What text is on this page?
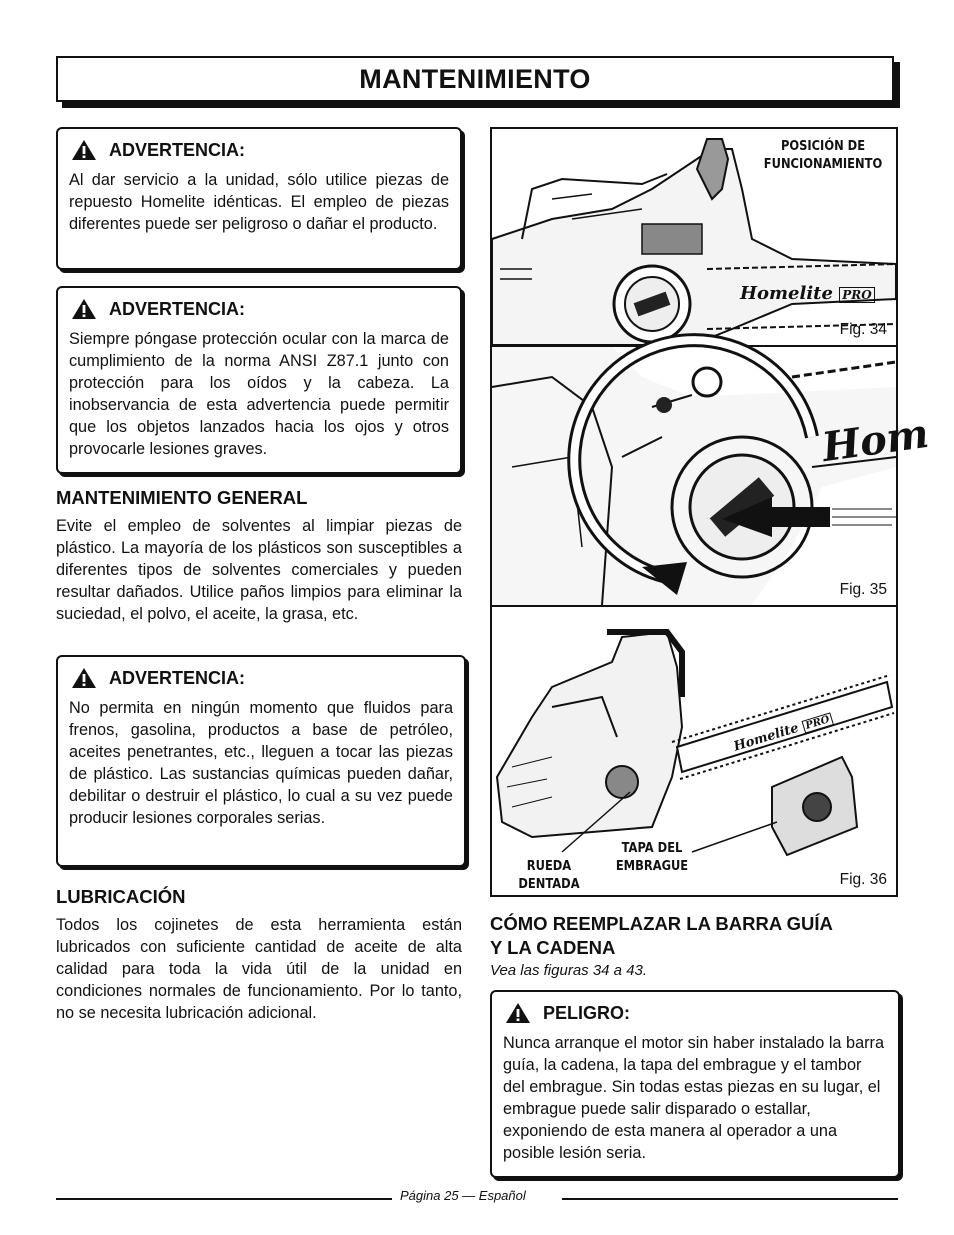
MANTENIMIENTO
ADVERTENCIA:

Al dar servicio a la unidad, sólo utilice piezas de repuesto Homelite idénticas. El empleo de piezas diferentes puede ser peligroso o dañar el producto.

ADVERTENCIA:

Siempre póngase protección ocular con la marca de cumplimiento de la norma ANSI Z87.1 junto con protección para los oídos y la cabeza. La inobservancia de esta advertencia puede permitir que los objetos lanzados hacia los ojos y otros provocarle lesiones graves.

MANTENIMIENTO GENERAL

Evite el empleo de solventes al limpiar piezas de plástico. La mayoría de los plásticos son susceptibles a diferentes tipos de solventes comerciales y pueden resultar dañados. Utilice paños limpios para eliminar la suciedad, el polvo, el aceite, la grasa, etc.

ADVERTENCIA:

No permita en ningún momento que fluidos para frenos, gasolina, productos a base de petróleo, aceites penetrantes, etc., lleguen a tocar las piezas de plástico. Las sustancias químicas pueden dañar, debilitar o destruir el plástico, lo cual a su vez puede producir lesiones corporales serias.

LUBRICACIÓN

Todos los cojinetes de esta herramienta están lubricados con suficiente cantidad de aceite de alta calidad para toda la vida útil de la unidad en condiciones normales de funcionamiento. Por lo tanto, no se necesita lubricación adicional.

Homelite PRO
POSICIÓN DE
FUNCIONAMIENTO
Fig. 34
Hom
Fig. 35
Homelite PRO
RUEDA
DENTADA
TAPA DEL
EMBRAGUE
Fig. 36
CÓMO REEMPLAZAR LA BARRA GUÍA
Y LA CADENA
Vea las figuras 34 a 43.
PELIGRO:

Nunca arranque el motor sin haber instalado la barra guía, la cadena, la tapa del embrague y el tambor del embrague. Sin todas estas piezas en su lugar, el embrague puede salir disparado o estallar, exponiendo de esta manera al operador a una posible lesión seria.

Página 25 — Español
